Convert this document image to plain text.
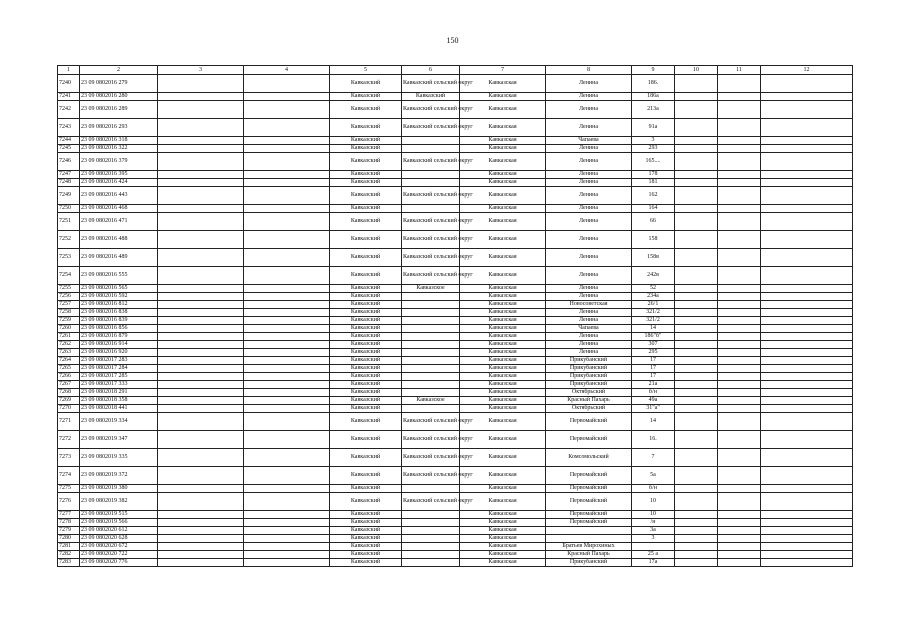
150
1	2	3	4	5	6	7	8	9	10	11	12
7240	23 09 0802016 279			Кавказский	Кавказский сельский округ	Кавказская	Ленина	186.			
7241	23 09 0802016 280			Кавказский	Кавказский	Кавказская	Ленина	186а			
7242	23 09 0802016 289			Кавказский	Кавказский сельский округ	Кавказская	Ленина	213а			
7243	23 09 0802016 293			Кавказский	Кавказский сельский округ	Кавказская	Ленина	91а			
7244	23 09 0802016 318			Кавказский		Кавказская	Чапаева	3			
7245	23 09 0802016 322			Кавказский		Кавказская	Ленина	293			
7246	23 09 0802016 379			Кавказский	Кавказский сельский округ	Кавказская	Ленина	165....			
7247	23 09 0802016 395			Кавказский		Кавказская	Ленина	178			
7248	23 09 0802016 424			Кавказский		Кавказская	Ленина	181			
7249	23 09 0802016 443			Кавказский	Кавказский сельский округ	Кавказская	Ленина	162			
7250	23 09 0802016 468			Кавказский		Кавказская	Ленина	164			
7251	23 09 0802016 471			Кавказский	Кавказский сельский округ	Кавказская	Ленина	66			
7252	23 09 0802016 488			Кавказский	Кавказский сельский округ	Кавказская	Ленина	158			
7253	23 09 0802016 489			Кавказский	Кавказский сельский округ	Кавказская	Ленина	158в			
7254	23 09 0802016 555			Кавказский	Кавказский сельский округ	Кавказская	Ленина	242в			
7255	23 09 0802016 565			Кавказский	Кавказское	Кавказская	Ленина	52			
7256	23 09 0802016 592			Кавказский		Кавказская	Ленина	234а			
7257	23 09 0802016 812			Кавказский		Кавказская	Новосоветская	26/1			
7258	23 09 0802016 838			Кавказский		Кавказская	Ленина	321/2			
7259	23 09 0802016 839			Кавказский		Кавказская	Ленина	321/2			
7260	23 09 0802016 856			Кавказский		Кавказская	Чапаева	14			
7261	23 09 0802016 879			Кавказский		Кавказская	Ленина	186"б"			
7262	23 09 0802016 914			Кавказский		Кавказская	Ленина	307			
7263	23 09 0802016 920			Кавказский		Кавказская	Ленина	295			
7264	23 09 0802017 283			Кавказский		Кавказская	Прикубанский	17			
7265	23 09 0802017 284			Кавказский		Кавказская	Прикубанский	17			
7266	23 09 0802017 285			Кавказский		Кавказская	Прикубанский	17			
7267	23 09 0802017 333			Кавказский		Кавказская	Прикубанский	21а			
7268	23 09 0802018 291			Кавказский		Кавказская	Октябрьский	б/н			
7269	23 09 0802018 358			Кавказский	Кавказское	Кавказская	Красный Пахарь	49а			
7270	23 09 0802018 441			Кавказский		Кавказская	Октябрьский	31"а"			
7271	23 09 0802019 334			Кавказский	Кавказский сельский округ	Кавказская	Первомайский	14			
7272	23 09 0802019 347			Кавказский	Кавказский сельский округ	Кавказская	Первомайский	16.			
7273	23 09 0802019 335			Кавказский	Кавказский сельский округ	Кавказская	Комсомольский	7			
7274	23 09 0802019 372			Кавказский	Кавказский сельский округ	Кавказская	Первомайский	5а			
7275	23 09 0802019 380			Кавказский		Кавказская	Первомайский	б/н			
7276	23 09 0802019 382			Кавказский	Кавказский сельский округ	Кавказская	Первомайский	10			
7277	23 09 0802019 515			Кавказский		Кавказская	Первомайский	10			
7278	23 09 0802019 566			Кавказский		Кавказская	Первомайский	/н			
7279	23 09 0802020 612			Кавказский		Кавказская		3а			
7280	23 09 0802020 628			Кавказский		Кавказская		3			
7281	23 09 0802020 672			Кавказский		Кавказская	Братьев Мирохиных				
7282	23 09 0802020 722			Кавказский		Кавказская	Красный Пахарь	25 а			
7283	23 09 0802020 776			Кавказский		Кавказская	Прикубанский	17а			
